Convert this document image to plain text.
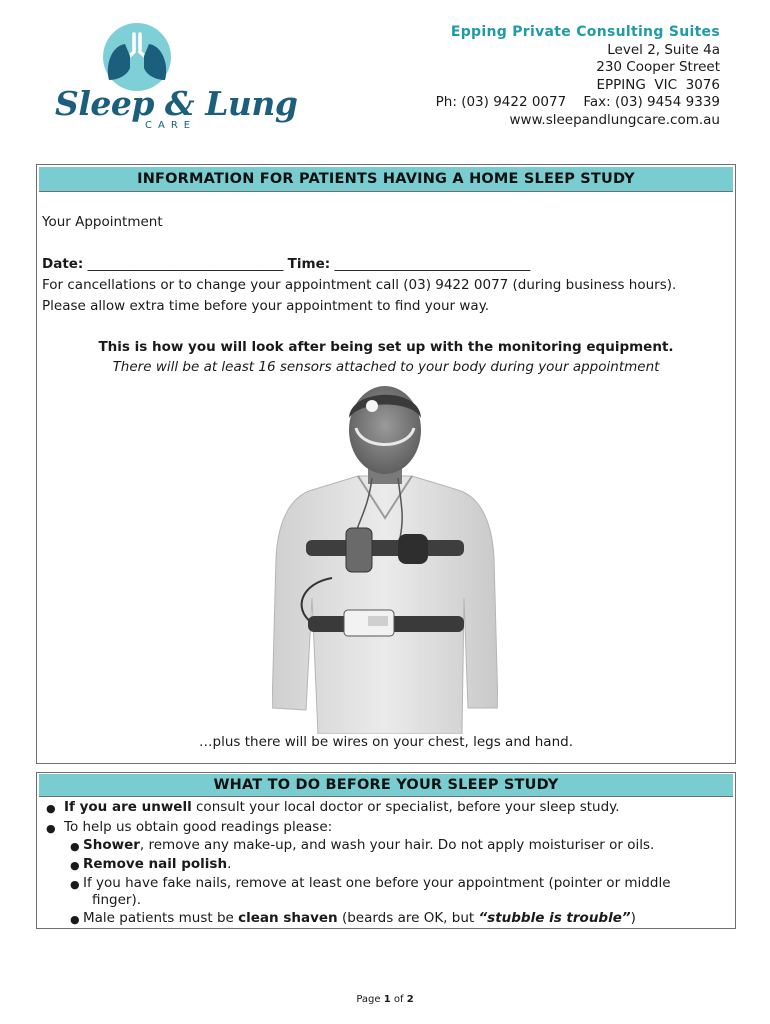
Sleep & Lung
CARE
Epping Private Consulting Suites
Level 2, Suite 4a
230 Cooper Street
EPPING  VIC  3076
Ph: (03) 9422 0077    Fax: (03) 9454 9339
www.sleepandlungcare.com.au
INFORMATION FOR PATIENTS HAVING A HOME SLEEP STUDY
Your Appointment
Date: _____________________________ Time: _____________________________
For cancellations or to change your appointment call (03) 9422 0077 (during business hours).
Please allow extra time before your appointment to find your way.
This is how you will look after being set up with the monitoring equipment.
There will be at least 16 sensors attached to your body during your appointment
…plus there will be wires on your chest, legs and hand.
WHAT TO DO BEFORE YOUR SLEEP STUDY
● If you are unwell consult your local doctor or specialist, before your sleep study.
● To help us obtain good readings please:
● Shower, remove any make-up, and wash your hair. Do not apply moisturiser or oils.
● Remove nail polish.
● If you have fake nails, remove at least one before your appointment (pointer or middle
finger).
● Male patients must be clean shaven (beards are OK, but “stubble is trouble”)
Page 1 of 2
